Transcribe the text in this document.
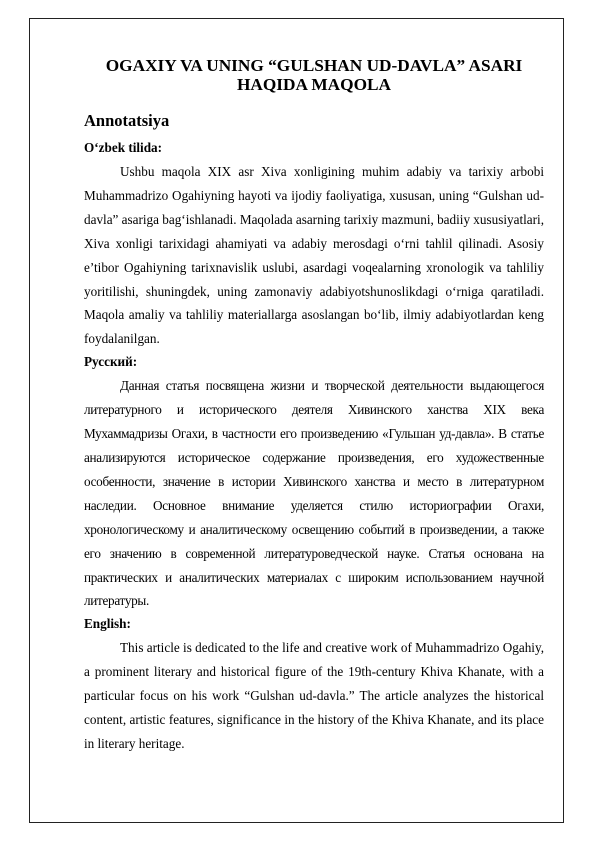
OGAXIY VA UNING “GULSHAN UD-DAVLA” ASARI HAQIDA MAQOLA
Annotatsiya
O‘zbek tilida:

Ushbu maqola XIX asr Xiva xonligining muhim adabiy va tarixiy arbobi Muhammadrizo Ogahiyning hayoti va ijodiy faoliyatiga, xususan, uning “Gulshan ud-davla” asariga bag‘ishlanadi. Maqolada asarning tarixiy mazmuni, badiiy xususiyatlari, Xiva xonligi tarixidagi ahamiyati va adabiy merosdagi o‘rni tahlil qilinadi. Asosiy e’tibor Ogahiyning tarixnavislik uslubi, asardagi voqealarning xronologik va tahliliy yoritilishi, shuningdek, uning zamonaviy adabiyotshunoslikdagi o‘rniga qaratiladi. Maqola amaliy va tahliliy materiallarga asoslangan bo‘lib, ilmiy adabiyotlardan keng foydalanilgan.

Русский:

Данная статья посвящена жизни и творческой деятельности выдающегося литературного и исторического деятеля Хивинского ханства XIX века Мухаммадризы Огахи, в частности его произведению «Гульшан уд-давла». В статье анализируются историческое содержание произведения, его художественные особенности, значение в истории Хивинского ханства и место в литературном наследии. Основное внимание уделяется стилю историографии Огахи, хронологическому и аналитическому освещению событий в произведении, а также его значению в современной литературоведческой науке. Статья основана на практических и аналитических материалах с широким использованием научной литературы.

English:

This article is dedicated to the life and creative work of Muhammadrizo Ogahiy, a prominent literary and historical figure of the 19th-century Khiva Khanate, with a particular focus on his work “Gulshan ud-davla.” The article analyzes the historical content, artistic features, significance in the history of the Khiva Khanate, and its place in literary heritage.
